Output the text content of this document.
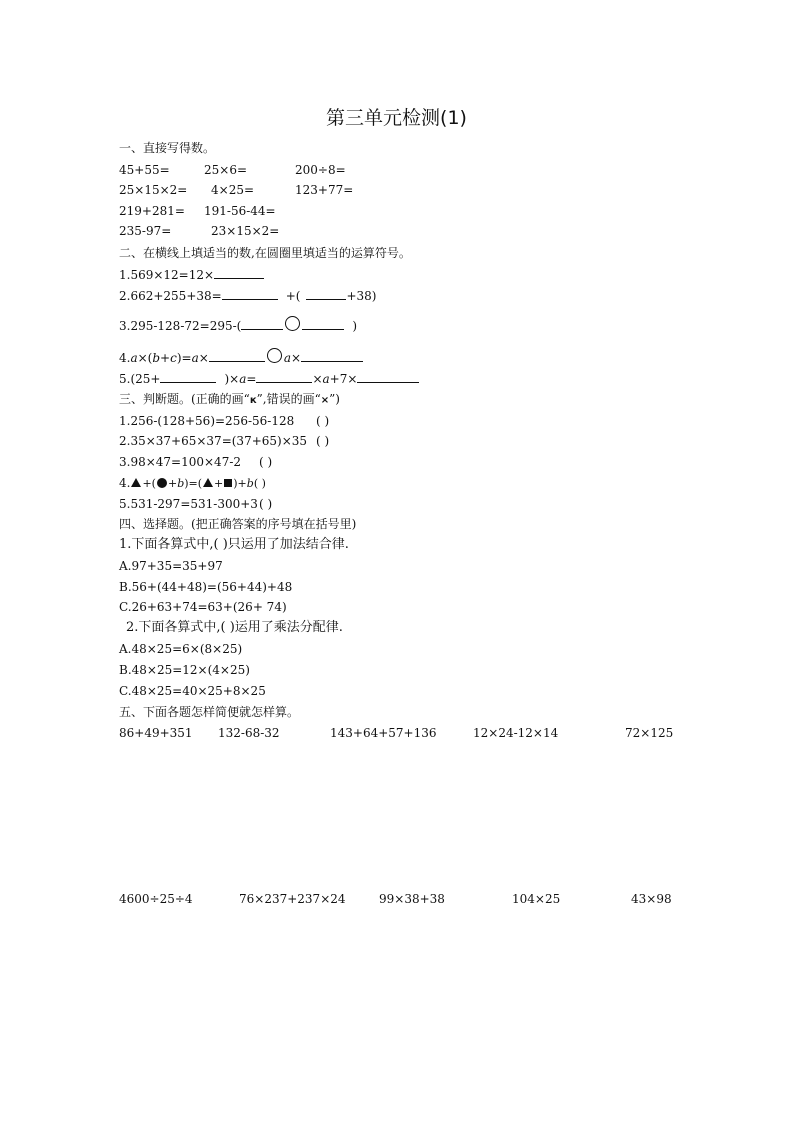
第三单元检测(1)
一、直接写得数。
45+55=	25×6=	200÷8=
25×15×2= 4×25=	123+77=
219+281= 191-56-44=
235-97=	23×15×2=
二、在横线上填适当的数,在圆圈里填适当的运算符号。
1.569×12=12×
2.662+255+38=	+(	+38)
3.295-128-72=295-(	)
4.a×(b+c)=a×	a×
5.(25+	)×a=	×a+7×
三、判断题。(正确的画“к”,错误的画“×”)
1.256-(128+56)=256-56-128 ( )
2.35×37+65×37=(37+65)×35 ( )
3.98×47=100×47-2 ( )
4. +( +b)=( + )+b( )
5.531-297=531-300+3 ( )
四、选择题。(把正确答案的序号填在括号里)
1.下面各算式中,( )只运用了加法结合律.
A.97+35=35+97
B.56+(44+48)=(56+44)+48
C.26+63+74=63+(26+ 74)
2.下面各算式中,( )运用了乘法分配律.
A.48×25=6×(8×25)
B.48×25=12×(4×25)
C.48×25=40×25+8×25
五、下面各题怎样简便就怎样算。
86+49+351 132-68-32	143+64+57+136	12×24-12×14	72×125
4600÷25÷4	76×237+237×24	99×38+38	104×25	43×98
